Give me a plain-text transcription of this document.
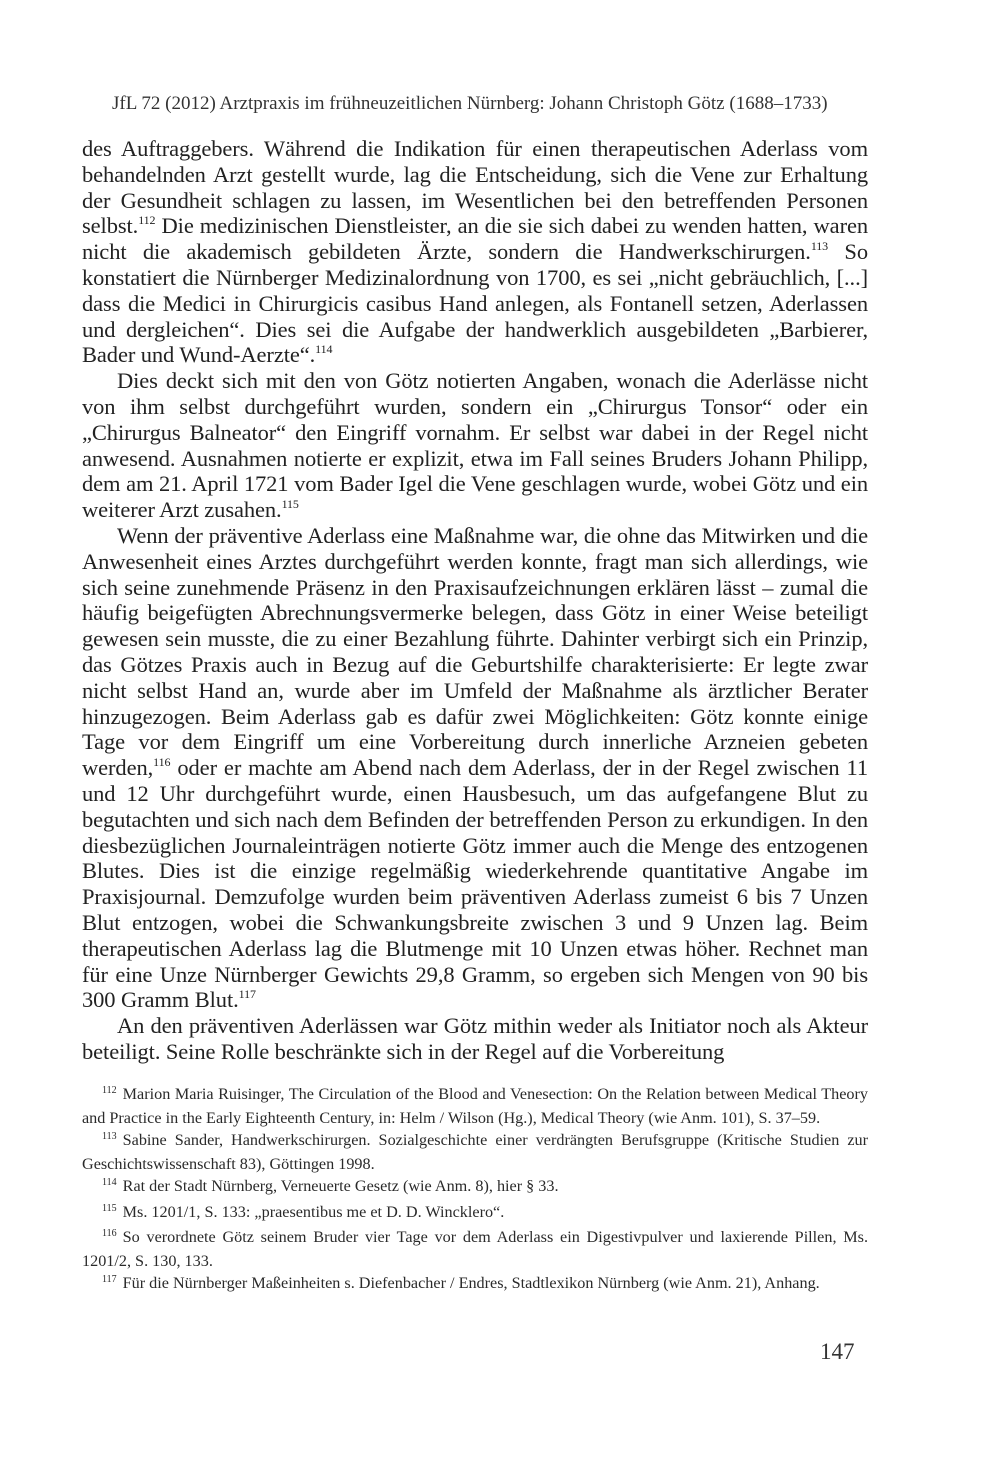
JfL 72 (2012) Arztpraxis im frühneuzeitlichen Nürnberg: Johann Christoph Götz (1688–1733)

des Auftraggebers. Während die Indikation für einen therapeutischen Aderlass vom behandelnden Arzt gestellt wurde, lag die Entscheidung, sich die Vene zur Erhaltung der Gesundheit schlagen zu lassen, im Wesentlichen bei den betreffenden Personen selbst.$^{112}$ Die medizinischen Dienstleister, an die sie sich dabei zu wenden hatten, waren nicht die akademisch gebildeten Ärzte, sondern die Handwerkschirurgen.$^{113}$ So konstatiert die Nürnberger Medizinalordnung von 1700, es sei „nicht gebräuchlich, [...] dass die Medici in Chirurgicis casibus Hand anlegen, als Fontanell setzen, Aderlassen und dergleichen“. Dies sei die Aufgabe der handwerklich ausgebildeten „Barbierer, Bader und Wund-Aerzte“.$^{114}$

Dies deckt sich mit den von Götz notierten Angaben, wonach die Aderlässe nicht von ihm selbst durchgeführt wurden, sondern ein „Chirurgus Tonsor“ oder ein „Chirurgus Balneator“ den Eingriff vornahm. Er selbst war dabei in der Regel nicht anwesend. Ausnahmen notierte er explizit, etwa im Fall seines Bruders Johann Philipp, dem am 21. April 1721 vom Bader Igel die Vene geschlagen wurde, wobei Götz und ein weiterer Arzt zusahen.$^{115}$

Wenn der präventive Aderlass eine Maßnahme war, die ohne das Mitwirken und die Anwesenheit eines Arztes durchgeführt werden konnte, fragt man sich allerdings, wie sich seine zunehmende Präsenz in den Praxisaufzeichnungen erklären lässt – zumal die häufig beigefügten Abrechnungsvermerke belegen, dass Götz in einer Weise beteiligt gewesen sein musste, die zu einer Bezahlung führte. Dahinter verbirgt sich ein Prinzip, das Götzes Praxis auch in Bezug auf die Geburtshilfe charakterisierte: Er legte zwar nicht selbst Hand an, wurde aber im Umfeld der Maßnahme als ärztlicher Berater hinzugezogen. Beim Aderlass gab es dafür zwei Möglichkeiten: Götz konnte einige Tage vor dem Eingriff um eine Vorbereitung durch innerliche Arzneien gebeten werden,$^{116}$ oder er machte am Abend nach dem Aderlass, der in der Regel zwischen 11 und 12 Uhr durchgeführt wurde, einen Hausbesuch, um das aufgefangene Blut zu begutachten und sich nach dem Befinden der betreffenden Person zu erkundigen. In den diesbezüglichen Journaleinträgen notierte Götz immer auch die Menge des entzogenen Blutes. Dies ist die einzige regelmäßig wiederkehrende quantitative Angabe im Praxisjournal. Demzufolge wurden beim präventiven Aderlass zumeist 6 bis 7 Unzen Blut entzogen, wobei die Schwankungsbreite zwischen 3 und 9 Unzen lag. Beim therapeutischen Aderlass lag die Blutmenge mit 10 Unzen etwas höher. Rechnet man für eine Unze Nürnberger Gewichts 29,8 Gramm, so ergeben sich Mengen von 90 bis 300 Gramm Blut.$^{117}$

An den präventiven Aderlässen war Götz mithin weder als Initiator noch als Akteur beteiligt. Seine Rolle beschränkte sich in der Regel auf die Vorbereitung

$^{112}$ Marion Maria Ruisinger, The Circulation of the Blood and Venesection: On the Relation between Medical Theory and Practice in the Early Eighteenth Century, in: Helm / Wilson (Hg.), Medical Theory (wie Anm. 101), S. 37–59.

$^{113}$ Sabine Sander, Handwerkschirurgen. Sozialgeschichte einer verdrängten Berufsgruppe (Kritische Studien zur Geschichtswissenschaft 83), Göttingen 1998.

$^{114}$ Rat der Stadt Nürnberg, Verneuerte Gesetz (wie Anm. 8), hier § 33.

$^{115}$ Ms. 1201/1, S. 133: „praesentibus me et D. D. Wincklero“.

$^{116}$ So verordnete Götz seinem Bruder vier Tage vor dem Aderlass ein Digestivpulver und laxierende Pillen, Ms. 1201/2, S. 130, 133.

$^{117}$ Für die Nürnberger Maßeinheiten s. Diefenbacher / Endres, Stadtlexikon Nürnberg (wie Anm. 21), Anhang.

147
